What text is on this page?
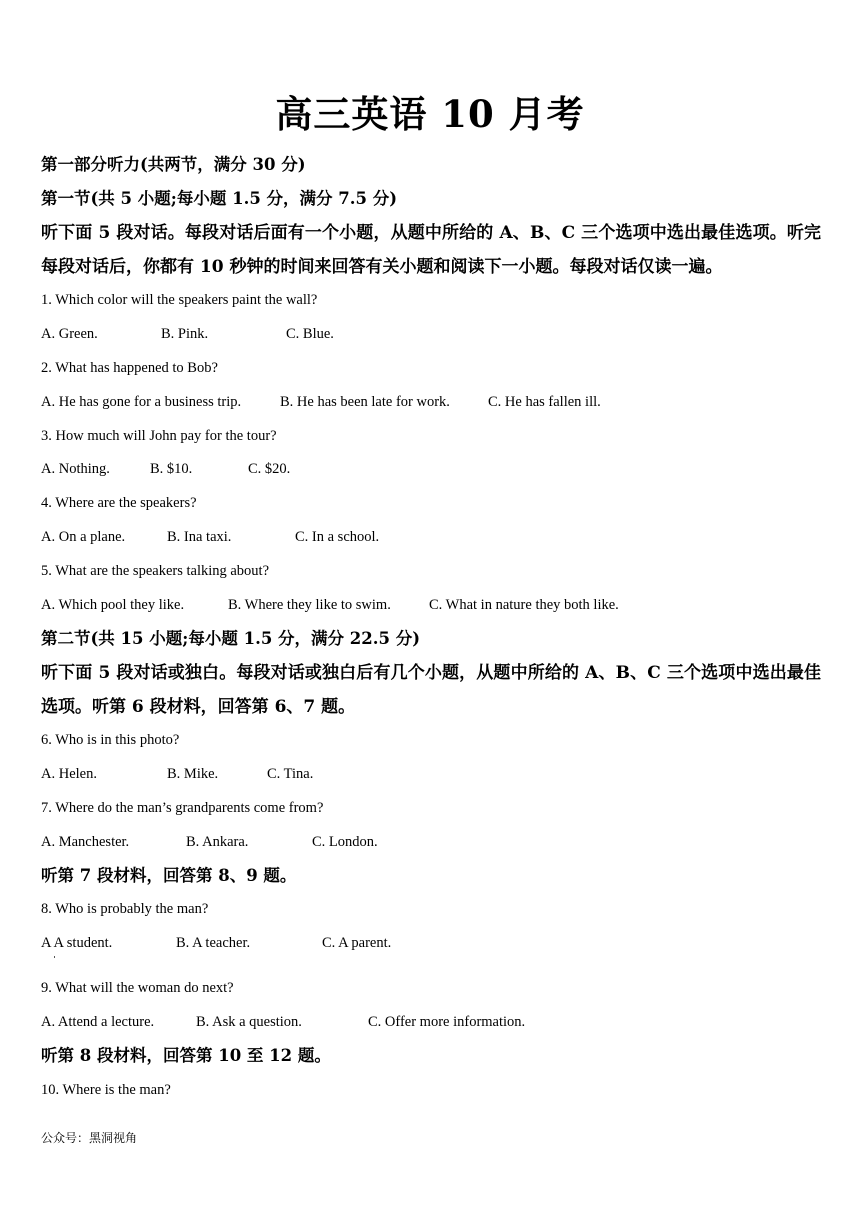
高三英语 10 月考
第一部分听力(共两节，满分 30 分)
第一节(共 5 小题;每小题 1.5 分，满分 7.5 分)
听下面 5 段对话。每段对话后面有一个小题，从题中所给的 A、B、C 三个选项中选出最佳选项。听完每段对话后，你都有 10 秒钟的时间来回答有关小题和阅读下一小题。每段对话仅读一遍。
1. Which color will the speakers paint the wall?
A. Green.	B. Pink.	C. Blue.
2. What has happened to Bob?
A. He has gone for a business trip.	B. He has been late for work.	C. He has fallen ill.
3. How much will John pay for the tour?
A. Nothing.	B. $10.	C. $20.
4. Where are the speakers?
A. On a plane.	B. Ina taxi.	C. In a school.
5. What are the speakers talking about?
A. Which pool they like.	B. Where they like to swim.	C. What in nature they both like.
第二节(共 15 小题;每小题 1.5 分，满分 22.5 分)
听下面 5 段对话或独白。每段对话或独白后有几个小题，从题中所给的 A、B、C 三个选项中选出最佳选项。听第 6 段材料，回答第 6、7 题。
6. Who is in this photo?
A. Helen.	B. Mike.	C. Tina.
7. Where do the man’s grandparents come from?
A. Manchester.	B. Ankara.	C. London.
听第 7 段材料，回答第 8、9 题。
8. Who is probably the man?
A A student.	B. A teacher.	C. A parent.
9. What will the woman do next?
A. Attend a lecture.	B. Ask a question.	C. Offer more information.
听第 8 段材料，回答第 10 至 12 题。
10. Where is the man?
公众号：黑洞视角
